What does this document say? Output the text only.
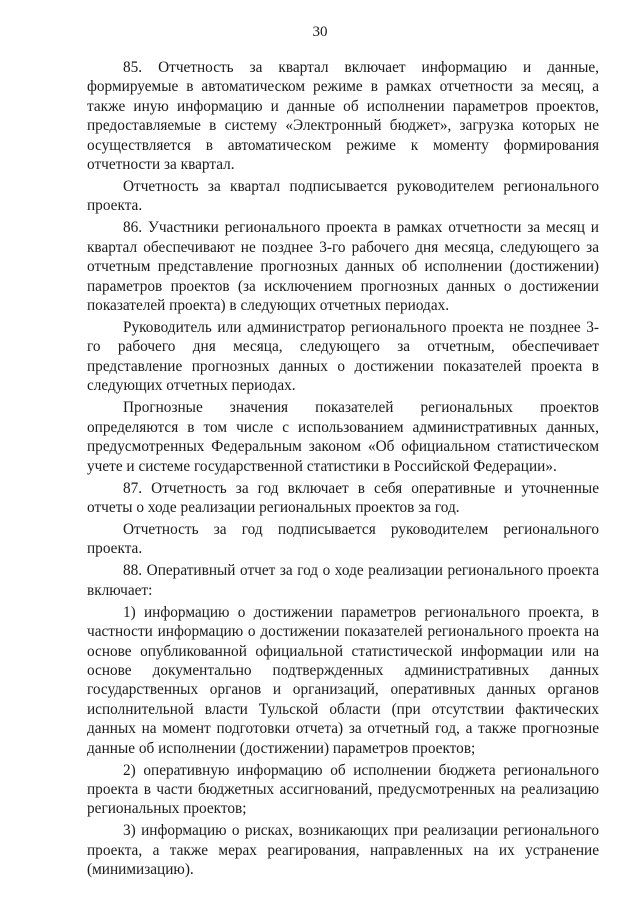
30

85. Отчетность за квартал включает информацию и данные, формируемые в автоматическом режиме в рамках отчетности за месяц, а также иную информацию и данные об исполнении параметров проектов, предоставляемые в систему «Электронный бюджет», загрузка которых не осуществляется в автоматическом режиме к моменту формирования отчетности за квартал.

Отчетность за квартал подписывается руководителем регионального проекта.

86. Участники регионального проекта в рамках отчетности за месяц и квартал обеспечивают не позднее 3-го рабочего дня месяца, следующего за отчетным представление прогнозных данных об исполнении (достижении) параметров проектов (за исключением прогнозных данных о достижении показателей проекта) в следующих отчетных периодах.

Руководитель или администратор регионального проекта не позднее 3-го рабочего дня месяца, следующего за отчетным, обеспечивает представление прогнозных данных о достижении показателей проекта в следующих отчетных периодах.

Прогнозные значения показателей региональных проектов определяются в том числе с использованием административных данных, предусмотренных Федеральным законом «Об официальном статистическом учете и системе государственной статистики в Российской Федерации».

87. Отчетность за год включает в себя оперативные и уточненные отчеты о ходе реализации региональных проектов за год.

Отчетность за год подписывается руководителем регионального проекта.

88. Оперативный отчет за год о ходе реализации регионального проекта включает:

1) информацию о достижении параметров регионального проекта, в частности информацию о достижении показателей регионального проекта на основе опубликованной официальной статистической информации или на основе документально подтвержденных административных данных государственных органов и организаций, оперативных данных органов исполнительной власти Тульской области (при отсутствии фактических данных на момент подготовки отчета) за отчетный год, а также прогнозные данные об исполнении (достижении) параметров проектов;

2) оперативную информацию об исполнении бюджета регионального проекта в части бюджетных ассигнований, предусмотренных на реализацию региональных проектов;

3) информацию о рисках, возникающих при реализации регионального проекта, а также мерах реагирования, направленных на их устранение (минимизацию).
